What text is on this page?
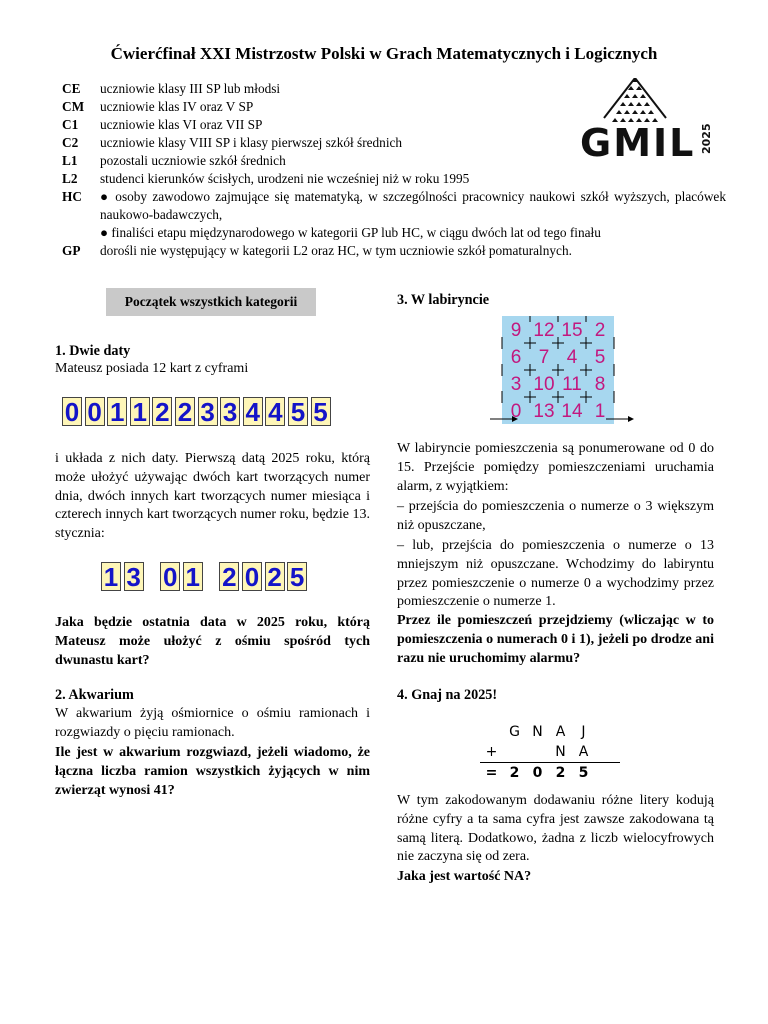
Ćwierćfinał XXI Mistrzostw Polski w Grach Matematycznych i Logicznych
CE	uczniowie klasy III SP lub młodsi
CM	uczniowie klas IV oraz V SP
C1	uczniowie klas VI oraz VII SP
C2	uczniowie klasy VIII SP i klasy pierwszej szkół średnich
L1	pozostali uczniowie szkół średnich
L2	studenci kierunków ścisłych, urodzeni nie wcześniej niż w roku 1995
HC	● osoby zawodowo zajmujące się matematyką, w szczególności pracownicy naukowi szkół wyższych, placówek naukowo-badawczych,
● finaliści etapu międzynarodowego w kategorii GP lub HC, w ciągu dwóch lat od tego finału
GP	dorośli nie występujący w kategorii L2 oraz HC, w tym uczniowie szkół pomaturalnych.
GMIL 2025
Początek wszystkich kategorii
1. Dwie daty
Mateusz posiada 12 kart z cyframi
0 0 1 1 2 2 3 3 4 4 5 5
i układa z nich daty. Pierwszą datą 2025 roku, którą może ułożyć używając dwóch kart tworzących numer dnia, dwóch innych kart tworzących numer miesiąca i czterech innych kart tworzących numer roku, będzie 13. stycznia:
1 3 0 1 2 0 2 5
Jaka będzie ostatnia data w 2025 roku, którą Mateusz może ułożyć z ośmiu spośród tych dwunastu kart?
2. Akwarium
W akwarium żyją ośmiornice o ośmiu ramionach i rozgwiazdy o pięciu ramionach.
Ile jest w akwarium rozgwiazd, jeżeli wiadomo, że łączna liczba ramion wszystkich żyjących w nim zwierząt wynosi 41?
3. W labiryncie
9 12 15 2
6 7 4 5
3 10 11 8
0 13 14 1
W labiryncie pomieszczenia są ponumerowane od 0 do 15. Przejście pomiędzy pomieszczeniami uruchamia alarm, z wyjątkiem:
– przejścia do pomieszczenia o numerze o 3 większym niż opuszczane,
– lub, przejścia do pomieszczenia o numerze o 13 mniejszym niż opuszczane. Wchodzimy do labiryntu przez pomieszczenie o numerze 0 a wychodzimy przez pomieszczenie o numerze 1.
Przez ile pomieszczeń przejdziemy (wliczając w to pomieszczenia o numerach 0 i 1), jeżeli po drodze ani razu nie uruchomimy alarmu?
4. Gnaj na 2025!
G N A	J
+	N A
= 2 0 2 5
W tym zakodowanym dodawaniu różne litery kodują różne cyfry a ta sama cyfra jest zawsze zakodowana tą samą literą. Dodatkowo, żadna z liczb wielocyfrowych nie zaczyna się od zera.
Jaka jest wartość NA?
